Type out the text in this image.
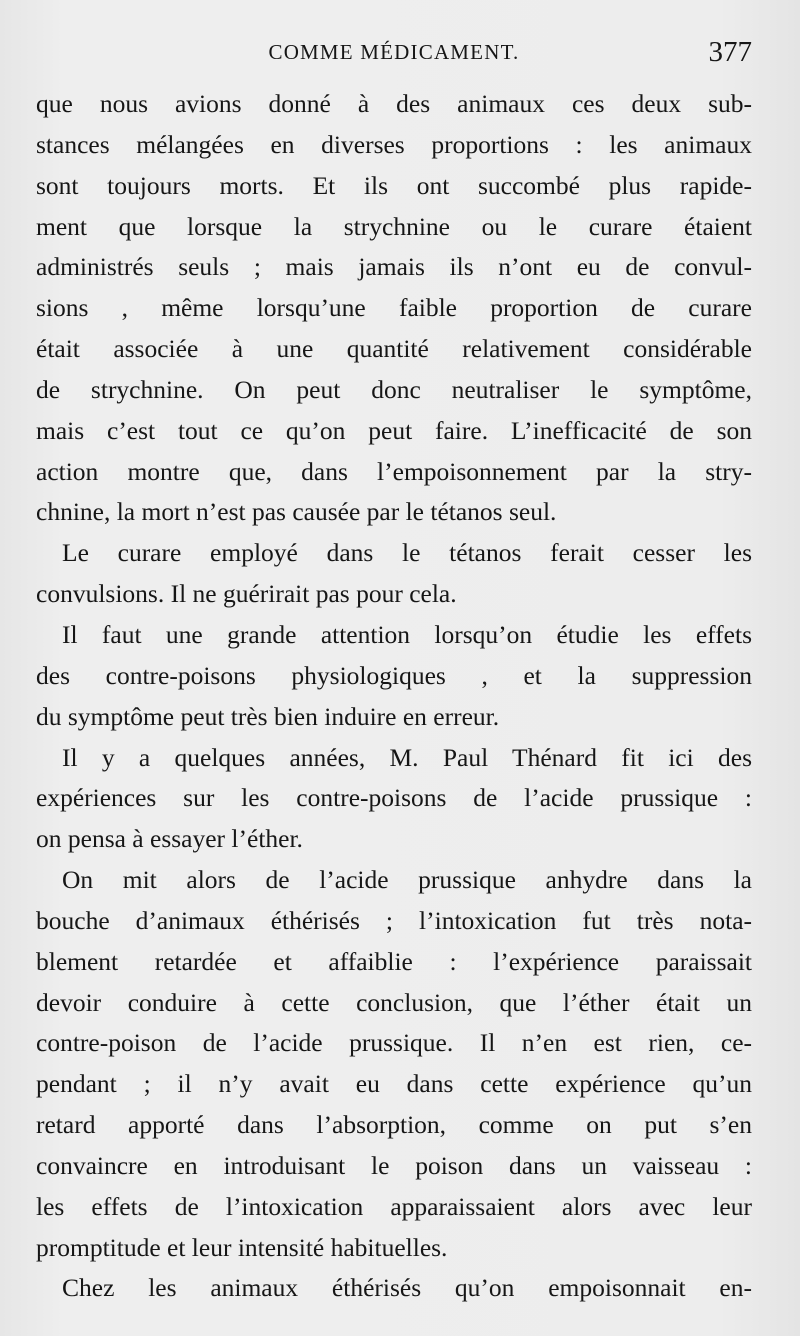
COMME MÉDICAMENT.	377
que nous avions donné à des animaux ces deux sub-
stances mélangées en diverses proportions : les animaux
sont toujours morts. Et ils ont succombé plus rapide-
ment que lorsque la strychnine ou le curare étaient
administrés seuls ; mais jamais ils n’ont eu de convul-
sions , même lorsqu’une faible proportion de curare
était associée à une quantité relativement considérable
de strychnine. On peut donc neutraliser le symptôme,
mais c’est tout ce qu’on peut faire. L’inefficacité de son
action montre que, dans l’empoisonnement par la stry-
chnine, la mort n’est pas causée par le tétanos seul.
Le curare employé dans le tétanos ferait cesser les
convulsions. Il ne guérirait pas pour cela.
Il faut une grande attention lorsqu’on étudie les effets
des contre-poisons physiologiques , et la suppression
du symptôme peut très bien induire en erreur.
Il y a quelques années, M. Paul Thénard fit ici des
expériences sur les contre-poisons de l’acide prussique :
on pensa à essayer l’éther.
On mit alors de l’acide prussique anhydre dans la
bouche d’animaux éthérisés ; l’intoxication fut très nota-
blement retardée et affaiblie : l’expérience paraissait
devoir conduire à cette conclusion, que l’éther était un
contre-poison de l’acide prussique. Il n’en est rien, ce-
pendant ; il n’y avait eu dans cette expérience qu’un
retard apporté dans l’absorption, comme on put s’en
convaincre en introduisant le poison dans un vaisseau :
les effets de l’intoxication apparaissaient alors avec leur
promptitude et leur intensité habituelles.
Chez les animaux éthérisés qu’on empoisonnait en-
